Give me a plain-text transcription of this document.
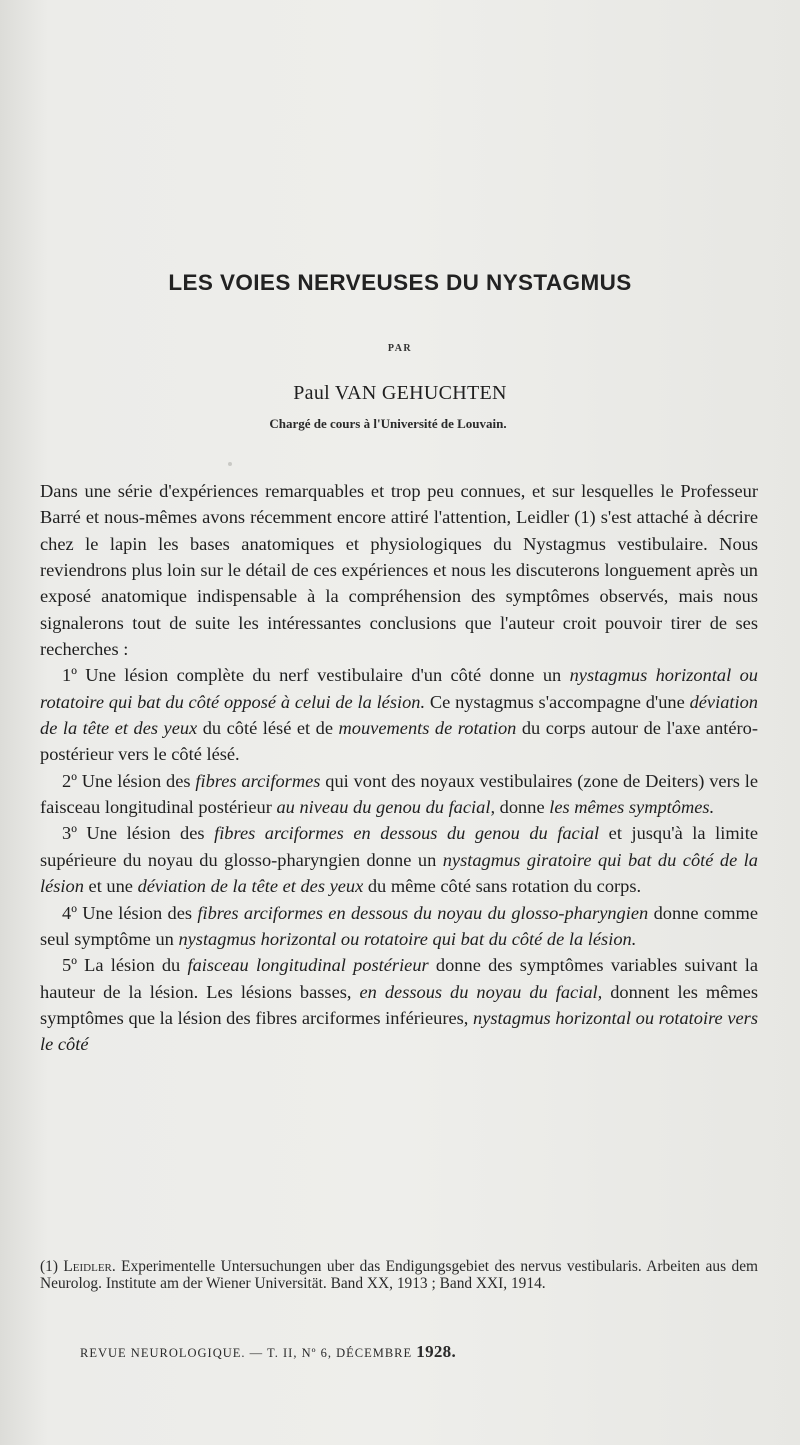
LES VOIES NERVEUSES DU NYSTAGMUS
PAR
Paul VAN GEHUCHTEN
Chargé de cours à l'Université de Louvain.

Dans une série d'expériences remarquables et trop peu connues, et sur lesquelles le Professeur Barré et nous-mêmes avons récemment encore attiré l'attention, Leidler (1) s'est attaché à décrire chez le lapin les bases anatomiques et physiologiques du Nystagmus vestibulaire. Nous reviendrons plus loin sur le détail de ces expériences et nous les discuterons longuement après un exposé anatomique indispensable à la compréhension des symptômes observés, mais nous signalerons tout de suite les intéressantes conclusions que l'auteur croit pouvoir tirer de ses recherches :

1º Une lésion complète du nerf vestibulaire d'un côté donne un nystagmus horizontal ou rotatoire qui bat du côté opposé à celui de la lésion. Ce nystagmus s'accompagne d'une déviation de la tête et des yeux du côté lésé et de mouvements de rotation du corps autour de l'axe antéro-postérieur vers le côté lésé.

2º Une lésion des fibres arciformes qui vont des noyaux vestibulaires (zone de Deiters) vers le faisceau longitudinal postérieur au niveau du genou du facial, donne les mêmes symptômes.

3º Une lésion des fibres arciformes en dessous du genou du facial et jusqu'à la limite supérieure du noyau du glosso-pharyngien donne un nystagmus giratoire qui bat du côté de la lésion et une déviation de la tête et des yeux du même côté sans rotation du corps.

4º Une lésion des fibres arciformes en dessous du noyau du glosso-pharyngien donne comme seul symptôme un nystagmus horizontal ou rotatoire qui bat du côté de la lésion.

5º La lésion du faisceau longitudinal postérieur donne des symptômes variables suivant la hauteur de la lésion. Les lésions basses, en dessous du noyau du facial, donnent les mêmes symptômes que la lésion des fibres arciformes inférieures, nystagmus horizontal ou rotatoire vers le côté

(1) Leidler. Experimentelle Untersuchungen uber das Endigungsgebiet des nervus vestibularis. Arbeiten aus dem Neurolog. Institute am der Wiener Universität. Band XX, 1913 ; Band XXI, 1914.

REVUE NEUROLOGIQUE. — T. II, Nº 6, DÉCEMBRE 1928.
